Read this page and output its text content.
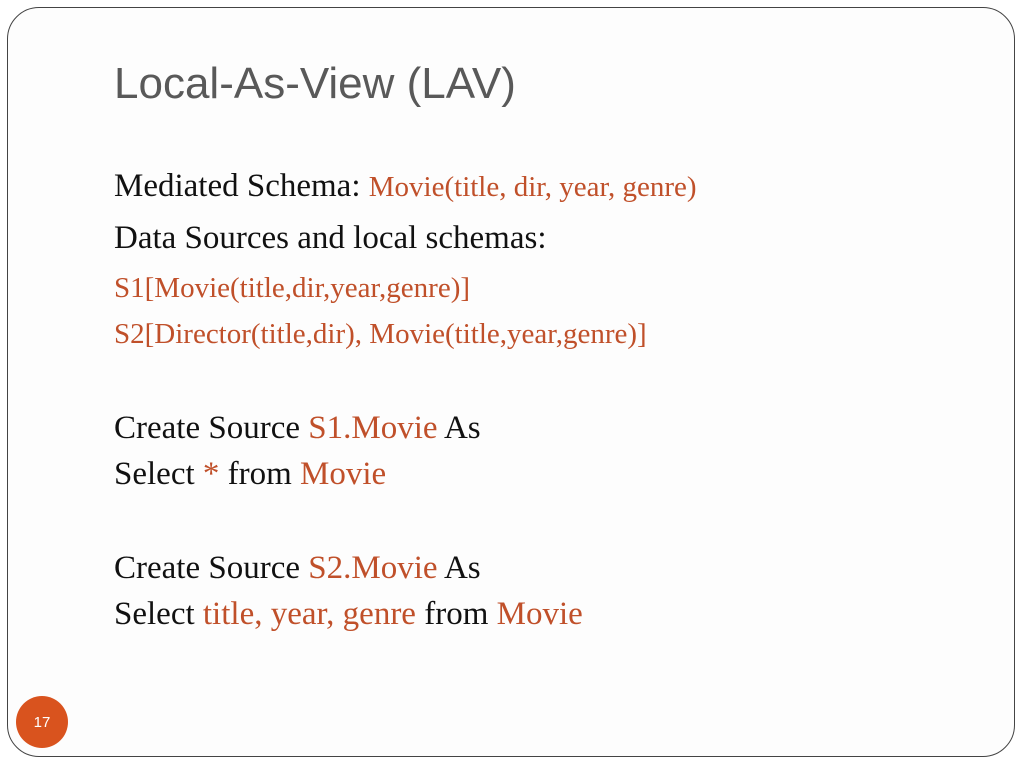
Local-As-View (LAV)
Mediated Schema: Movie(title, dir, year, genre)
Data Sources and local schemas:
S1[Movie(title,dir,year,genre)]
S2[Director(title,dir), Movie(title,year,genre)]
Create Source S1.Movie As
Select * from Movie
Create Source S2.Movie As
Select title, year, genre from Movie
17
